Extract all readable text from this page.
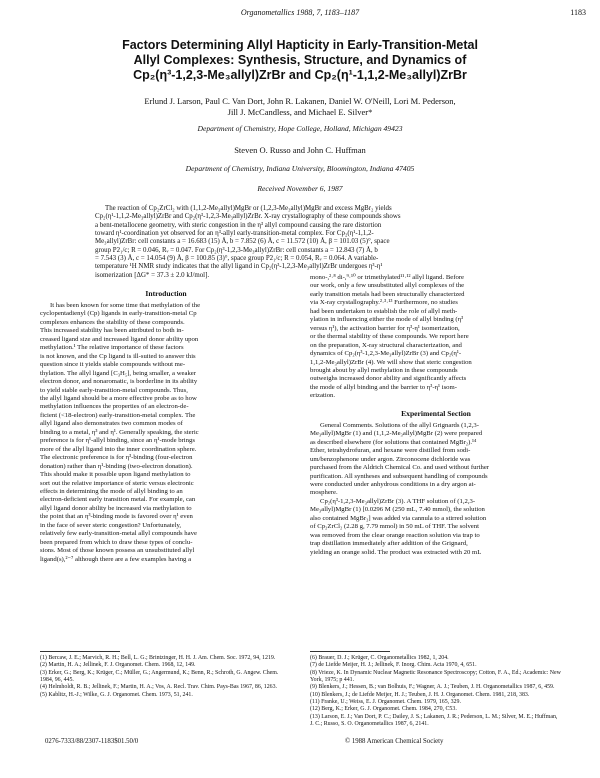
Organometallics 1988, 7, 1183–1187	1183
Factors Determining Allyl Hapticity in Early-Transition-Metal
Allyl Complexes: Synthesis, Structure, and Dynamics of
Cp₂(η³-1,2,3-Me₃allyl)ZrBr and Cp₂(η¹-1,1,2-Me₃allyl)ZrBr
Erlund J. Larson, Paul C. Van Dort, John R. Lakanen, Daniel W. O'Neill, Lori M. Pederson,
Jill J. McCandless, and Michael E. Silver*
Department of Chemistry, Hope College, Holland, Michigan 49423
Steven O. Russo and John C. Huffman
Department of Chemistry, Indiana University, Bloomington, Indiana 47405
Received November 6, 1987
The reaction of Cp₂ZrCl₂ with (1,1,2-Me₃allyl)MgBr or (1,2,3-Me₃allyl)MgBr and excess MgBr₂ yields
Cp₂(η¹-1,1,2-Me₃allyl)ZrBr and Cp₂(η³-1,2,3-Me₃allyl)ZrBr. X-ray crystallography of these compounds shows
a bent-metallocene geometry, with steric congestion in the η³ allyl compound causing the rare distortion
toward η¹-coordination yet observed for an η³-allyl early-transition-metal complex. For Cp₂(η¹-1,1,2-
Me₃allyl)ZrBr: cell constants a = 16.683 (15) Å, b = 7.852 (6) Å, c = 11.572 (10) Å, β = 101.03 (5)°, space
group P2₁/c; R = 0.046, Rᵥ = 0.047. For Cp₂(η³-1,2,3-Me₃allyl)ZrBr: cell constants a = 12.843 (7) Å, b
= 7.543 (3) Å, c = 14.054 (9) Å, β = 100.85 (3)°, space group P2₁/c; R = 0.054, Rᵥ = 0.064. A variable-
temperature ¹H NMR study indicates that the allyl ligand in Cp₂(η³-1,2,3-Me₃allyl)ZrBr undergoes η³-η¹
isomerization [ΔG* = 37.3 ± 2.0 kJ/mol].
Introduction
It has been known for some time that methylation of the
cyclopentadienyl (Cp) ligands in early-transition-metal Cp
complexes enhances the stability of these compounds.
This increased stability has been attributed to both in-
creased ligand size and increased ligand donor ability upon
methylation.¹ The relative importance of these factors
is not known, and the Cp ligand is ill-suited to answer this
question since it yields stable compounds without me-
thylation. The allyl ligand [C₃H₅], being smaller, a weaker
electron donor, and nonaromatic, is borderline in its ability
to yield stable early-transition-metal compounds. Thus,
the allyl ligand should be a more effective probe as to how
methylation influences the properties of an electron-de-
ficient (<18-electron) early-transition-metal complex. The
allyl ligand also demonstrates two common modes of
binding to a metal, η³ and η¹. Generally speaking, the steric
preference is for η¹-allyl binding, since an η¹-mode brings
more of the allyl ligand into the inner coordination sphere.
The electronic preference is for η³-binding (four-electron
donation) rather than η¹-binding (two-electron donation).
This should make it possible upon ligand methylation to
sort out the relative importance of steric versus electronic
effects in determining the mode of allyl binding to an
electron-deficient early transition metal. For example, can
allyl ligand donor ability be increased via methylation to
the point that an η³-binding mode is favored over η¹ even
in the face of sever steric congestion? Unfortunately,
relatively few early-transition-metal allyl compounds have
been prepared from which to draw these types of conclu-
sions. Most of those known possess an unsubstituted allyl
ligand(s),²⁻⁷ although there are a few examples having a
mono-,²·⁸ di-,⁹·¹⁰ or trimethylated¹¹·¹² allyl ligand. Before
our work, only a few unsubstituted allyl complexes of the
early transition metals had been structurally characterized
via X-ray crystallography.²·³·¹³ Furthermore, no studies
had been undertaken to establish the role of allyl meth-
ylation in influencing either the mode of allyl binding (η³
versus η¹), the activation barrier for η³-η¹ isomerization,
or the thermal stability of these compounds. We report here
on the preparation, X-ray structural characterization, and
dynamics of Cp₂(η³-1,2,3-Me₃allyl)ZrBr (3) and Cp₂(η¹-
1,1,2-Me₃allyl)ZrBr (4). We will show that steric congestion
brought about by allyl methylation in these compounds
outweighs increased donor ability and significantly affects
the mode of allyl binding and the barrier to η³-η¹ isom-
erization.
Experimental Section
General Comments. Solutions of the allyl Grignards (1,2,3-
Me₃allyl)MgBr (1) and (1,1,2-Me₃allyl)MgBr (2) were prepared
as described elsewhere (for solutions that contained MgBr₂).¹⁴
Ether, tetrahydrofuran, and hexane were distilled from sodi-
um/benzophenone under argon. Zirconocene dichloride was
purchased from the Aldrich Chemical Co. and used without further
purification. All syntheses and subsequent handling of compounds
were conducted under anhydrous conditions in a dry argon at-
mosphere.
Cp₂(η³-1,2,3-Me₃allyl)ZrBr (3). A THF solution of (1,2,3-
Me₃allyl)MgBr (1) [0.0296 M (250 mL, 7.40 mmol), the solution
also contained MgBr₂] was added via cannula to a stirred solution
of Cp₂ZrCl₂ (2.28 g, 7.79 mmol) in 50 mL of THF. The solvent
was removed from the clear orange reaction solution via trap to
trap distillation immediately after addition of the Grignard,
yielding an orange solid. The product was extracted with 20 mL
(1) Bercaw, J. E.; Marvich, R. H.; Bell, L. G.; Brintzinger, H. H. J. Am. Chem. Soc. 1972, 94, 1219.
(2) Martin, H. A.; Jellinek, F. J. Organomet. Chem. 1968, 12, 149.
(3) Erker, G.; Berg, K.; Krüger, C.; Müller, G.; Angermund, K.; Benn, R.; Schroth, G. Angew. Chem. 1984, 96, 445.
(4) Helmholdt, R. B.; Jellinek, F.; Martin, H. A.; Vos, A. Recl. Trav. Chim. Pays-Bas 1967, 86, 1263.
(5) Kablitz, H.-J.; Wilke, G. J. Organomet. Chem. 1973, 51, 241.
(6) Brauer, D. J.; Krüger, C. Organometallics 1982, 1, 204.
(7) de Liefde Meijer, H. J.; Jellinek, F. Inorg. Chim. Acta 1970, 4, 651.
(8) Vrieze, K. In Dynamic Nuclear Magnetic Resonance Spectroscopy; Cotton, F. A., Ed.; Academic: New York, 1975; p 441.
(9) Blenkers, J.; Hessen, B.; van Bolhuis, F.; Wagner, A. J.; Teuben, J. H. Organometallics 1987, 6, 459.
(10) Blenkers, J.; de Liefde Meijer, H. J.; Teuben, J. H. J. Organomet. Chem. 1981, 218, 383.
(11) Franke, U.; Weiss, E. J. Organomet. Chem. 1979, 165, 329.
(12) Berg, K.; Erker, G. J. Organomet. Chem. 1984, 270, C53.
(13) Larson, E. J.; Van Dort, P. C.; Dailey, J. S.; Lakanen, J. R.; Pederson, L. M.; Silver, M. E.; Huffman, J. C.; Russo, S. O. Organometallics 1987, 6, 2141.
0276-7333/88/2307-1183$01.50/0	© 1988 American Chemical Society
